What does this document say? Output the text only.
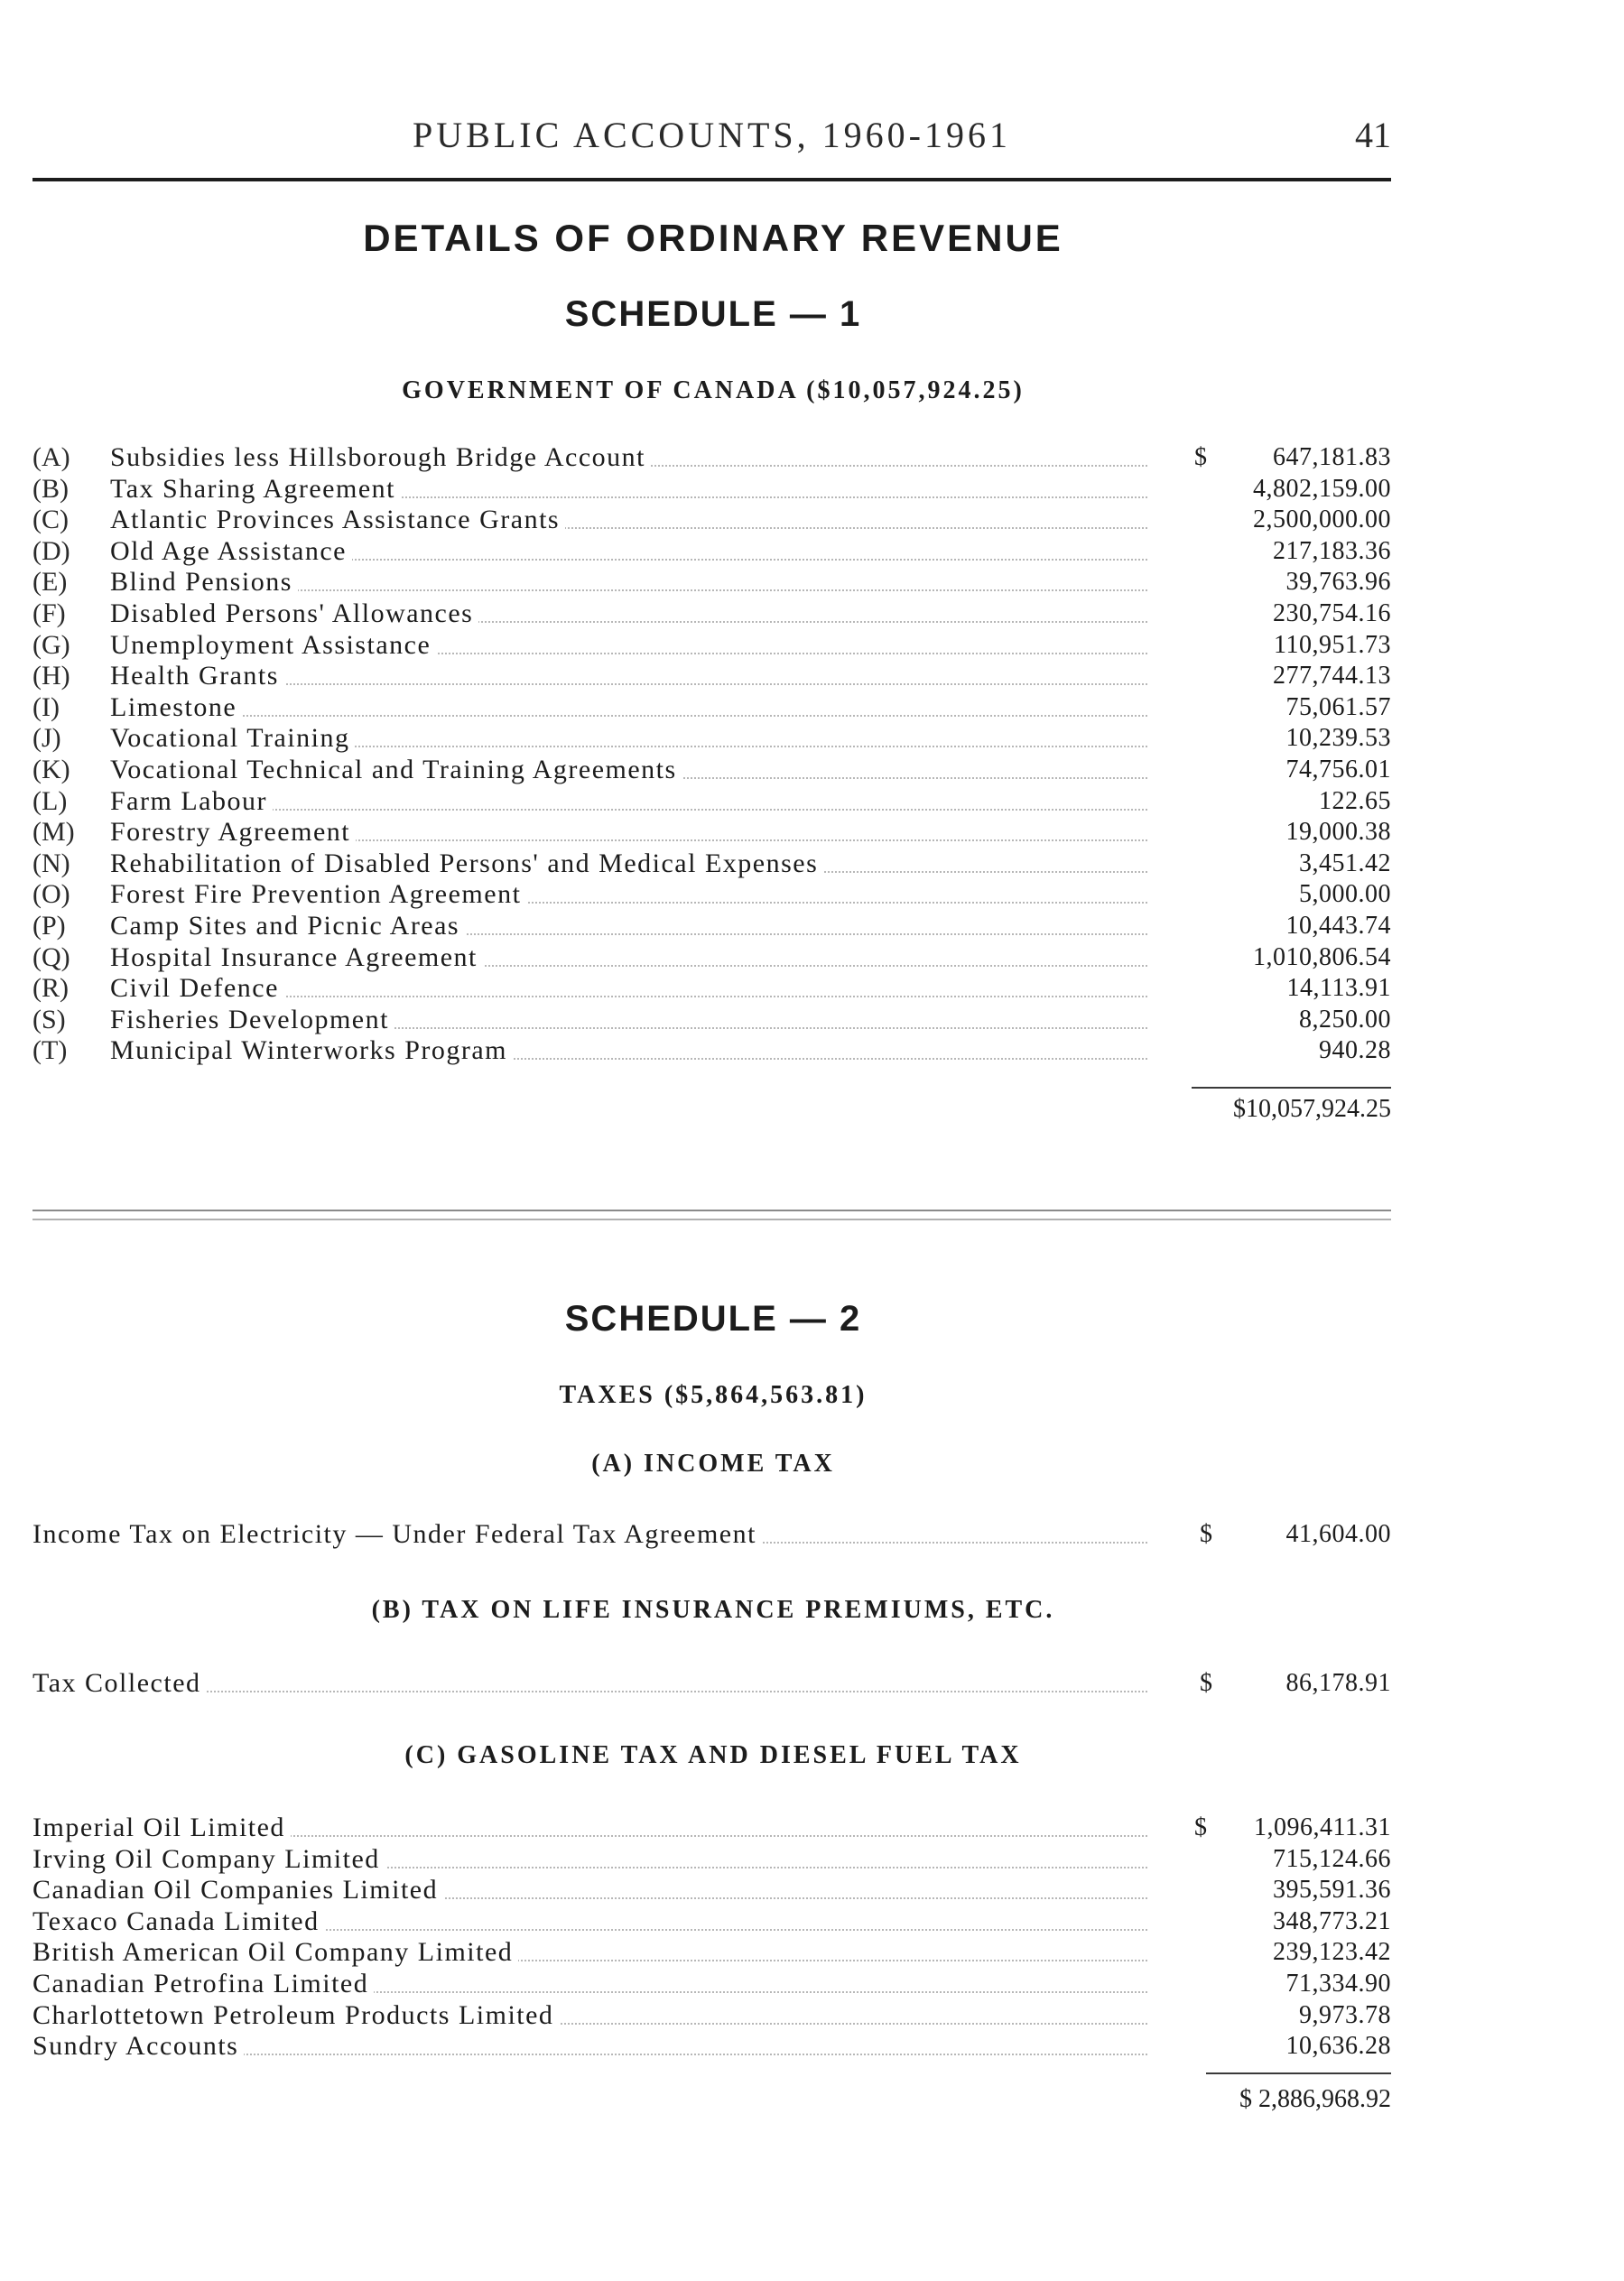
PUBLIC ACCOUNTS, 1960-1961	41
DETAILS OF ORDINARY REVENUE
SCHEDULE — 1
GOVERNMENT OF CANADA ($10,057,924.25)
(A)	Subsidies less Hillsborough Bridge Account	$	647,181.83
(B)	Tax Sharing Agreement	4,802,159.00
(C)	Atlantic Provinces Assistance Grants	2,500,000.00
(D)	Old Age Assistance	217,183.36
(E)	Blind Pensions	39,763.96
(F)	Disabled Persons' Allowances	230,754.16
(G)	Unemployment Assistance	110,951.73
(H)	Health Grants	277,744.13
(I)	Limestone	75,061.57
(J)	Vocational Training	10,239.53
(K)	Vocational Technical and Training Agreements	74,756.01
(L)	Farm Labour	122.65
(M)	Forestry Agreement	19,000.38
(N)	Rehabilitation of Disabled Persons' and Medical Expenses	3,451.42
(O)	Forest Fire Prevention Agreement	5,000.00
(P)	Camp Sites and Picnic Areas	10,443.74
(Q)	Hospital Insurance Agreement	1,010,806.54
(R)	Civil Defence	14,113.91
(S)	Fisheries Development	8,250.00
(T)	Municipal Winterworks Program	940.28
$10,057,924.25
SCHEDULE — 2
TAXES ($5,864,563.81)
(A) INCOME TAX
Income Tax on Electricity — Under Federal Tax Agreement	$	41,604.00
(B) TAX ON LIFE INSURANCE PREMIUMS, ETC.
Tax Collected	$	86,178.91
(C) GASOLINE TAX AND DIESEL FUEL TAX
Imperial Oil Limited	$ 1,096,411.31
Irving Oil Company Limited	715,124.66
Canadian Oil Companies Limited	395,591.36
Texaco Canada Limited	348,773.21
British American Oil Company Limited	239,123.42
Canadian Petrofina Limited	71,334.90
Charlottetown Petroleum Products Limited	9,973.78
Sundry Accounts	10,636.28
$ 2,886,968.92
